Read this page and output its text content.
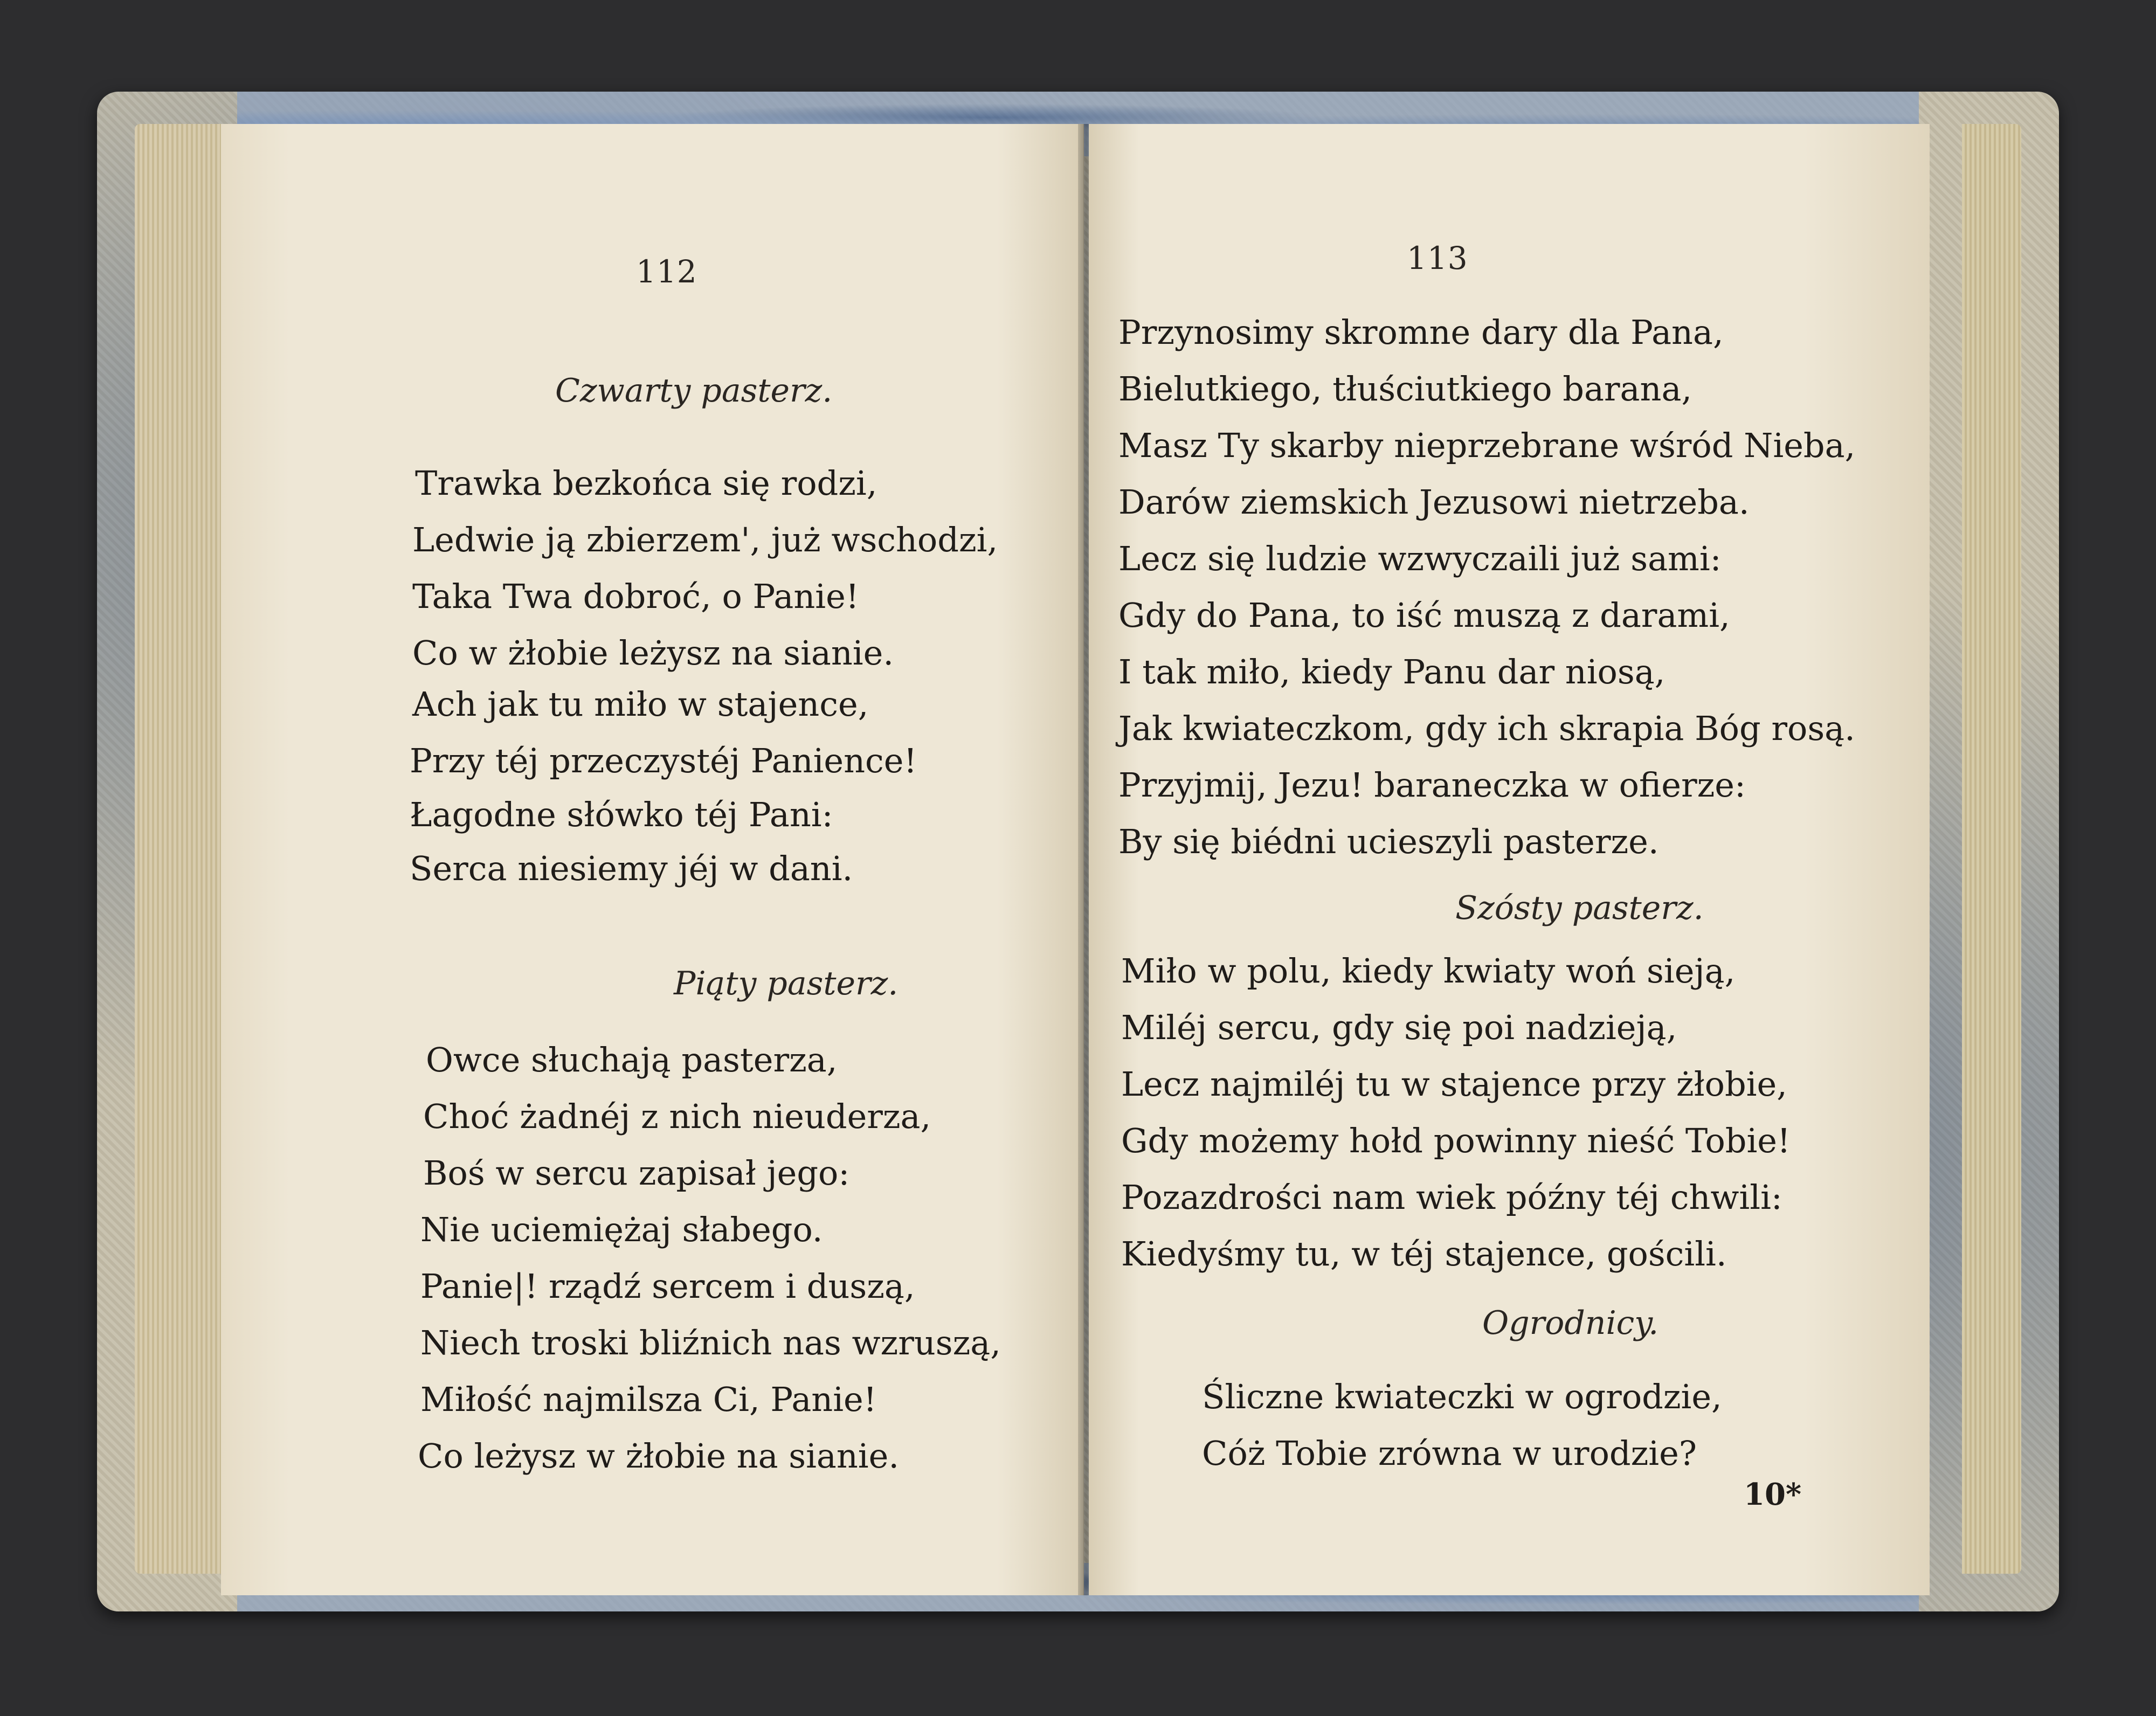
112
Czwarty pasterz.
Trawka bezkońca się rodzi,
Ledwie ją zbierzem', już wschodzi,
Taka Twa dobroć, o Panie!
Co w żłobie leżysz na sianie.
Ach jak tu miło w stajence,
Przy téj przeczystéj Panience!
Łagodne słówko téj Pani:
Serca niesiemy jéj w dani.
Piąty pasterz.
Owce słuchają pasterza,
Choć żadnéj z nich nieuderza,
Boś w sercu zapisał jego:
Nie uciemiężaj słabego.
Panie|! rządź sercem i duszą,
Niech troski bliźnich nas wzruszą,
Miłość najmilsza Ci, Panie!
Co leżysz w żłobie na sianie.
113
Przynosimy skromne dary dla Pana,
Bielutkiego, tłuściutkiego barana,
Masz Ty skarby nieprzebrane wśród Nieba,
Darów ziemskich Jezusowi nietrzeba.
Lecz się ludzie wzwyczaili już sami:
Gdy do Pana, to iść muszą z darami,
I tak miło, kiedy Panu dar niosą,
Jak kwiateczkom, gdy ich skrapia Bóg rosą.
Przyjmij, Jezu! baraneczka w ofierze:
By się biédni ucieszyli pasterze.
Szósty pasterz.
Miło w polu, kiedy kwiaty woń sieją,
Miléj sercu, gdy się poi nadzieją,
Lecz najmiléj tu w stajence przy żłobie,
Gdy możemy hołd powinny nieść Tobie!
Pozazdrości nam wiek późny téj chwili:
Kiedyśmy tu, w téj stajence, gościli.
Ogrodnicy.
Śliczne kwiateczki w ogrodzie,
Cóż Tobie zrówna w urodzie?
10*
